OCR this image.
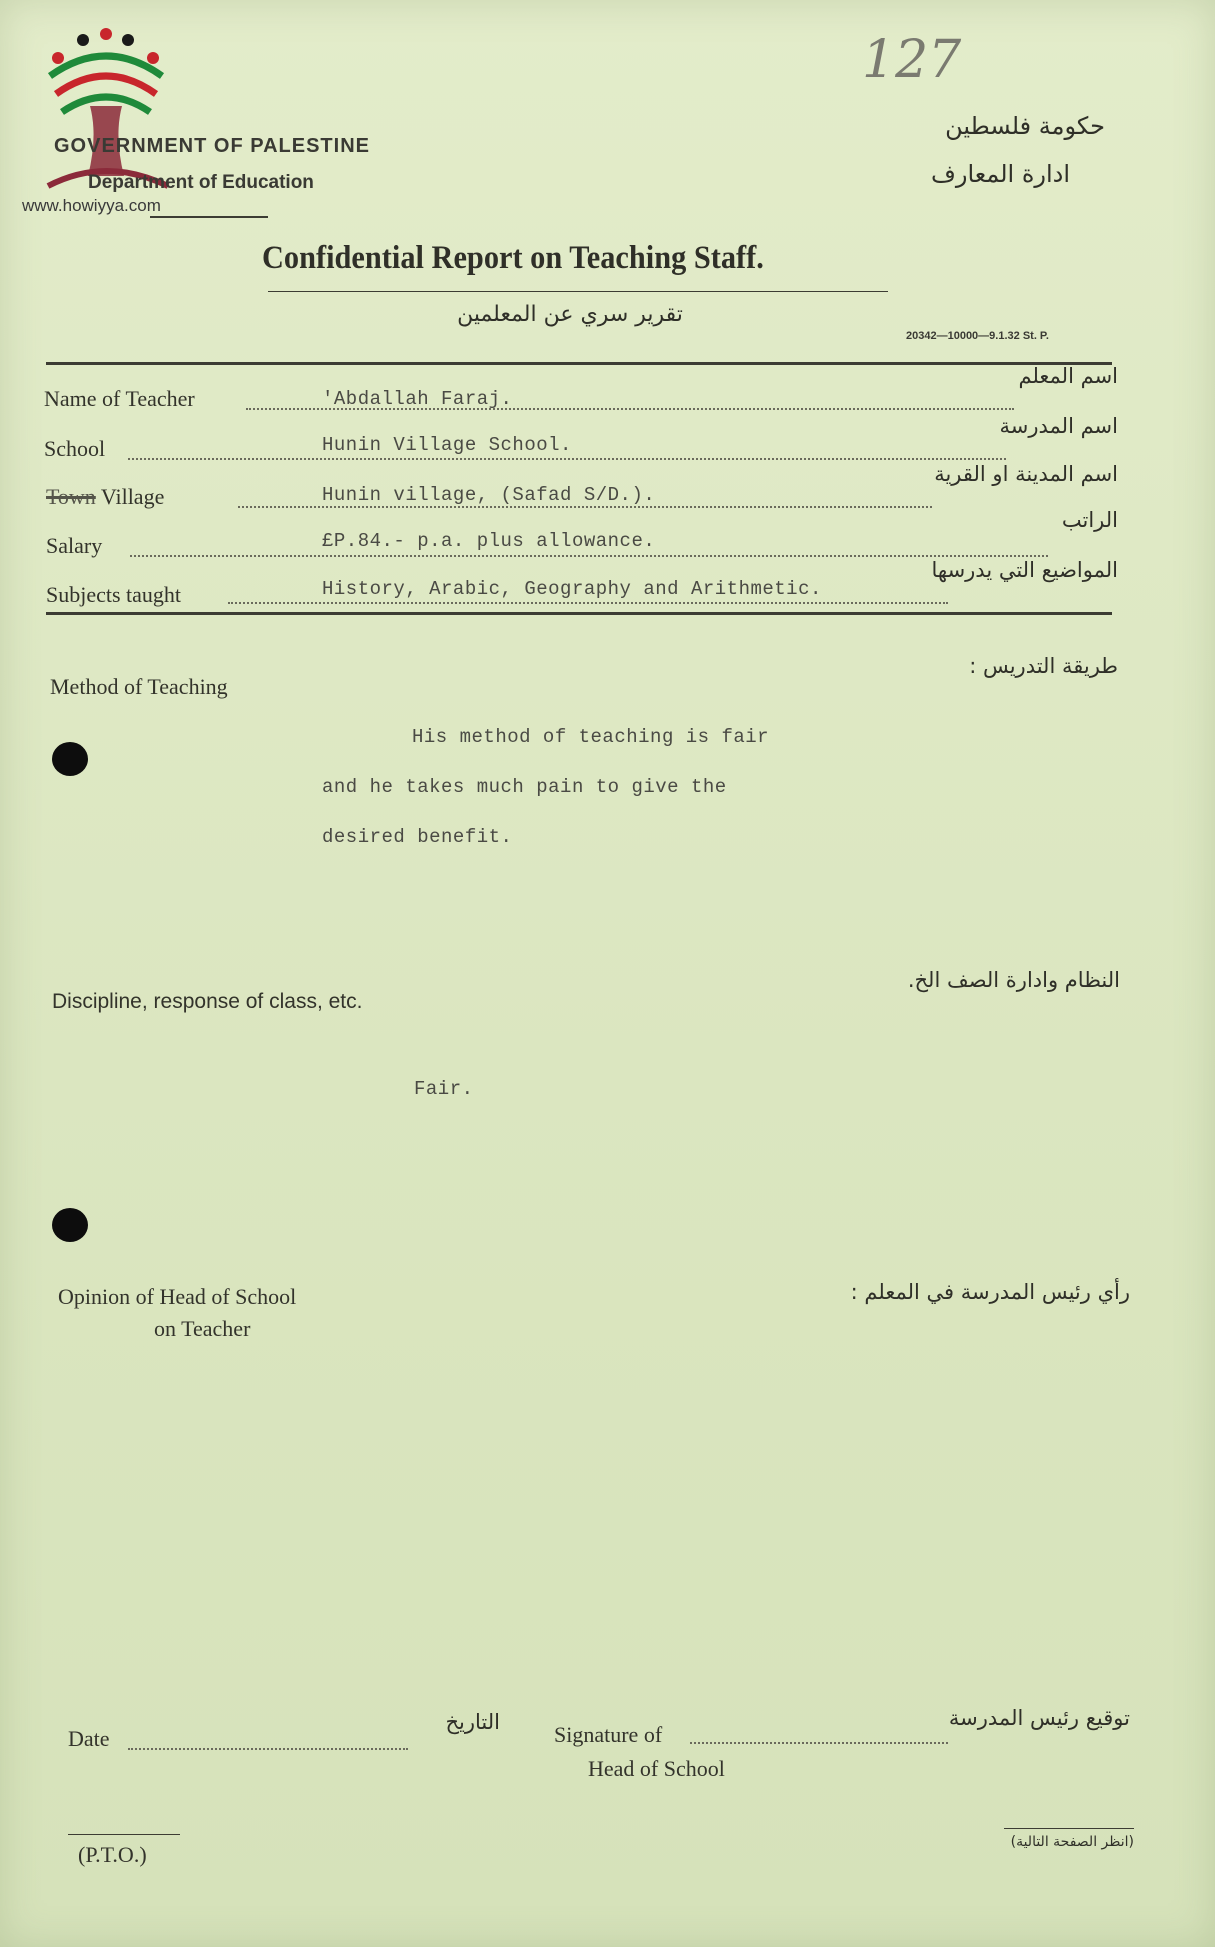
www.howiyya.com
GOVERNMENT OF PALESTINE
Department of Education
127
حكومة فلسطين
ادارة المعارف
Confidential Report on Teaching Staff.
تقرير سري عن المعلمين
20342—10000—9.1.32 St. P.
Name of Teacher	'Abdallah Faraj.
اسم المعلم
School	Hunin Village School.
اسم المدرسة
Town Village	Hunin village, (Safad S/D.).
اسم المدينة او القرية
Salary	£P.84.- p.a. plus allowance.
الراتب
Subjects taught	History, Arabic, Geography and Arithmetic.
المواضيع التي يدرسها
Method of Teaching
طريقة التدريس :
His method of teaching is fair
and he takes much pain to give the
desired benefit.
Discipline, response of class, etc.
النظام وادارة الصف الخ.
Fair.
Opinion of Head of School
on Teacher
رأي رئيس المدرسة في المعلم :
Date
التاريخ Signature of
Head of School
توقيع رئيس المدرسة
(P.T.O.)	(انظر الصفحة التالية)
